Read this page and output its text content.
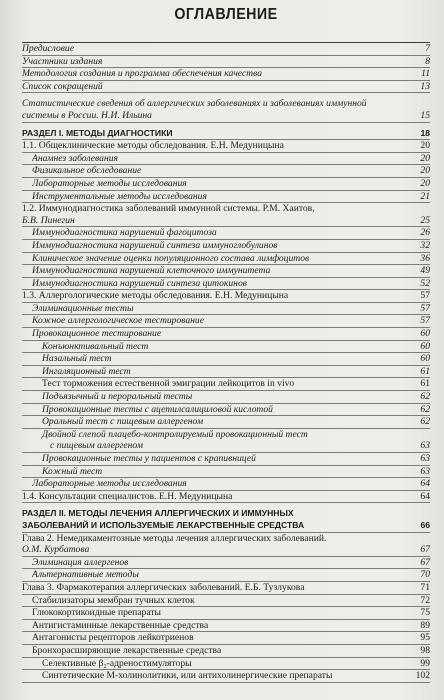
ОГЛАВЛЕНИЕ
Предисловие	7
Участники издания	8
Методология создания и программа обеспечения качества	11
Список сокращений	13
Статистические сведения об аллергических заболеваниях и заболеваниях иммунной
системы в России. Н.И. Ильина	15
РАЗДЕЛ I. МЕТОДЫ ДИАГНОСТИКИ	18
1.1. Общеклинические методы обследования. Е.Н. Медуницына	20
Анамнез заболевания	20
Физикальное обследование	20
Лабораторные методы исследования	20
Инструментальные методы исследования	21
1.2. Иммунодиагностика заболеваний иммунной системы. Р.М. Хаитов,
Б.В. Пинегин	25
Иммунодиагностика нарушений фагоцитоза	26
Иммунодиагностика нарушений синтеза иммуноглобулинов	32
Клиническое значение оценки популяционного состава лимфоцитов	36
Иммунодиагностика нарушений клеточного иммунитета	49
Иммунодиагностика нарушений синтеза цитокинов	52
1.3. Аллергологические методы обследования. Е.Н. Медуницына	57
Элиминационные тесты	57
Кожное аллергологическое тестирование	57
Провокационное тестирование	60
Конъюнктивальный тест	60
Назальный тест	60
Ингаляционный тест	61
Тест торможения естественной эмиграции лейкоцитов in vivo	61
Подъязычный и пероральный тесты	62
Провокационные тесты с ацетилсалициловой кислотой	62
Оральный тест с пищевым аллергеном	62
Двойной слепой плацебо-контролируемый провокационный тест
с пищевым аллергеном	63
Провокационные тесты у пациентов с крапивницей	63
Кожный тест	63
Лабораторные методы исследования	64
1.4. Консультации специалистов. Е.Н. Медуницына	64
РАЗДЕЛ II. МЕТОДЫ ЛЕЧЕНИЯ АЛЛЕРГИЧЕСКИХ И ИММУННЫХ
ЗАБОЛЕВАНИЙ И ИСПОЛЬЗУЕМЫЕ ЛЕКАРСТВЕННЫЕ СРЕДСТВА	66
Глава 2. Немедикаментозные методы лечения аллергических заболеваний.
О.М. Курбатова	67
Элиминация аллергенов	67
Альтернативные методы	70
Глава 3. Фармакотерапия аллергических заболеваний. Е.Б. Тузлукова	71
Стабилизаторы мембран тучных клеток	72
Глюкокортикоидные препараты	75
Антигистаминные лекарственные средства	89
Антагонисты рецепторов лейкотриенов	95
Бронхорасширяющие лекарственные средства	98
Селективные β₂-адреностимуляторы	99
Синтетические М-холинолитики, или антихолинергические препараты	102
